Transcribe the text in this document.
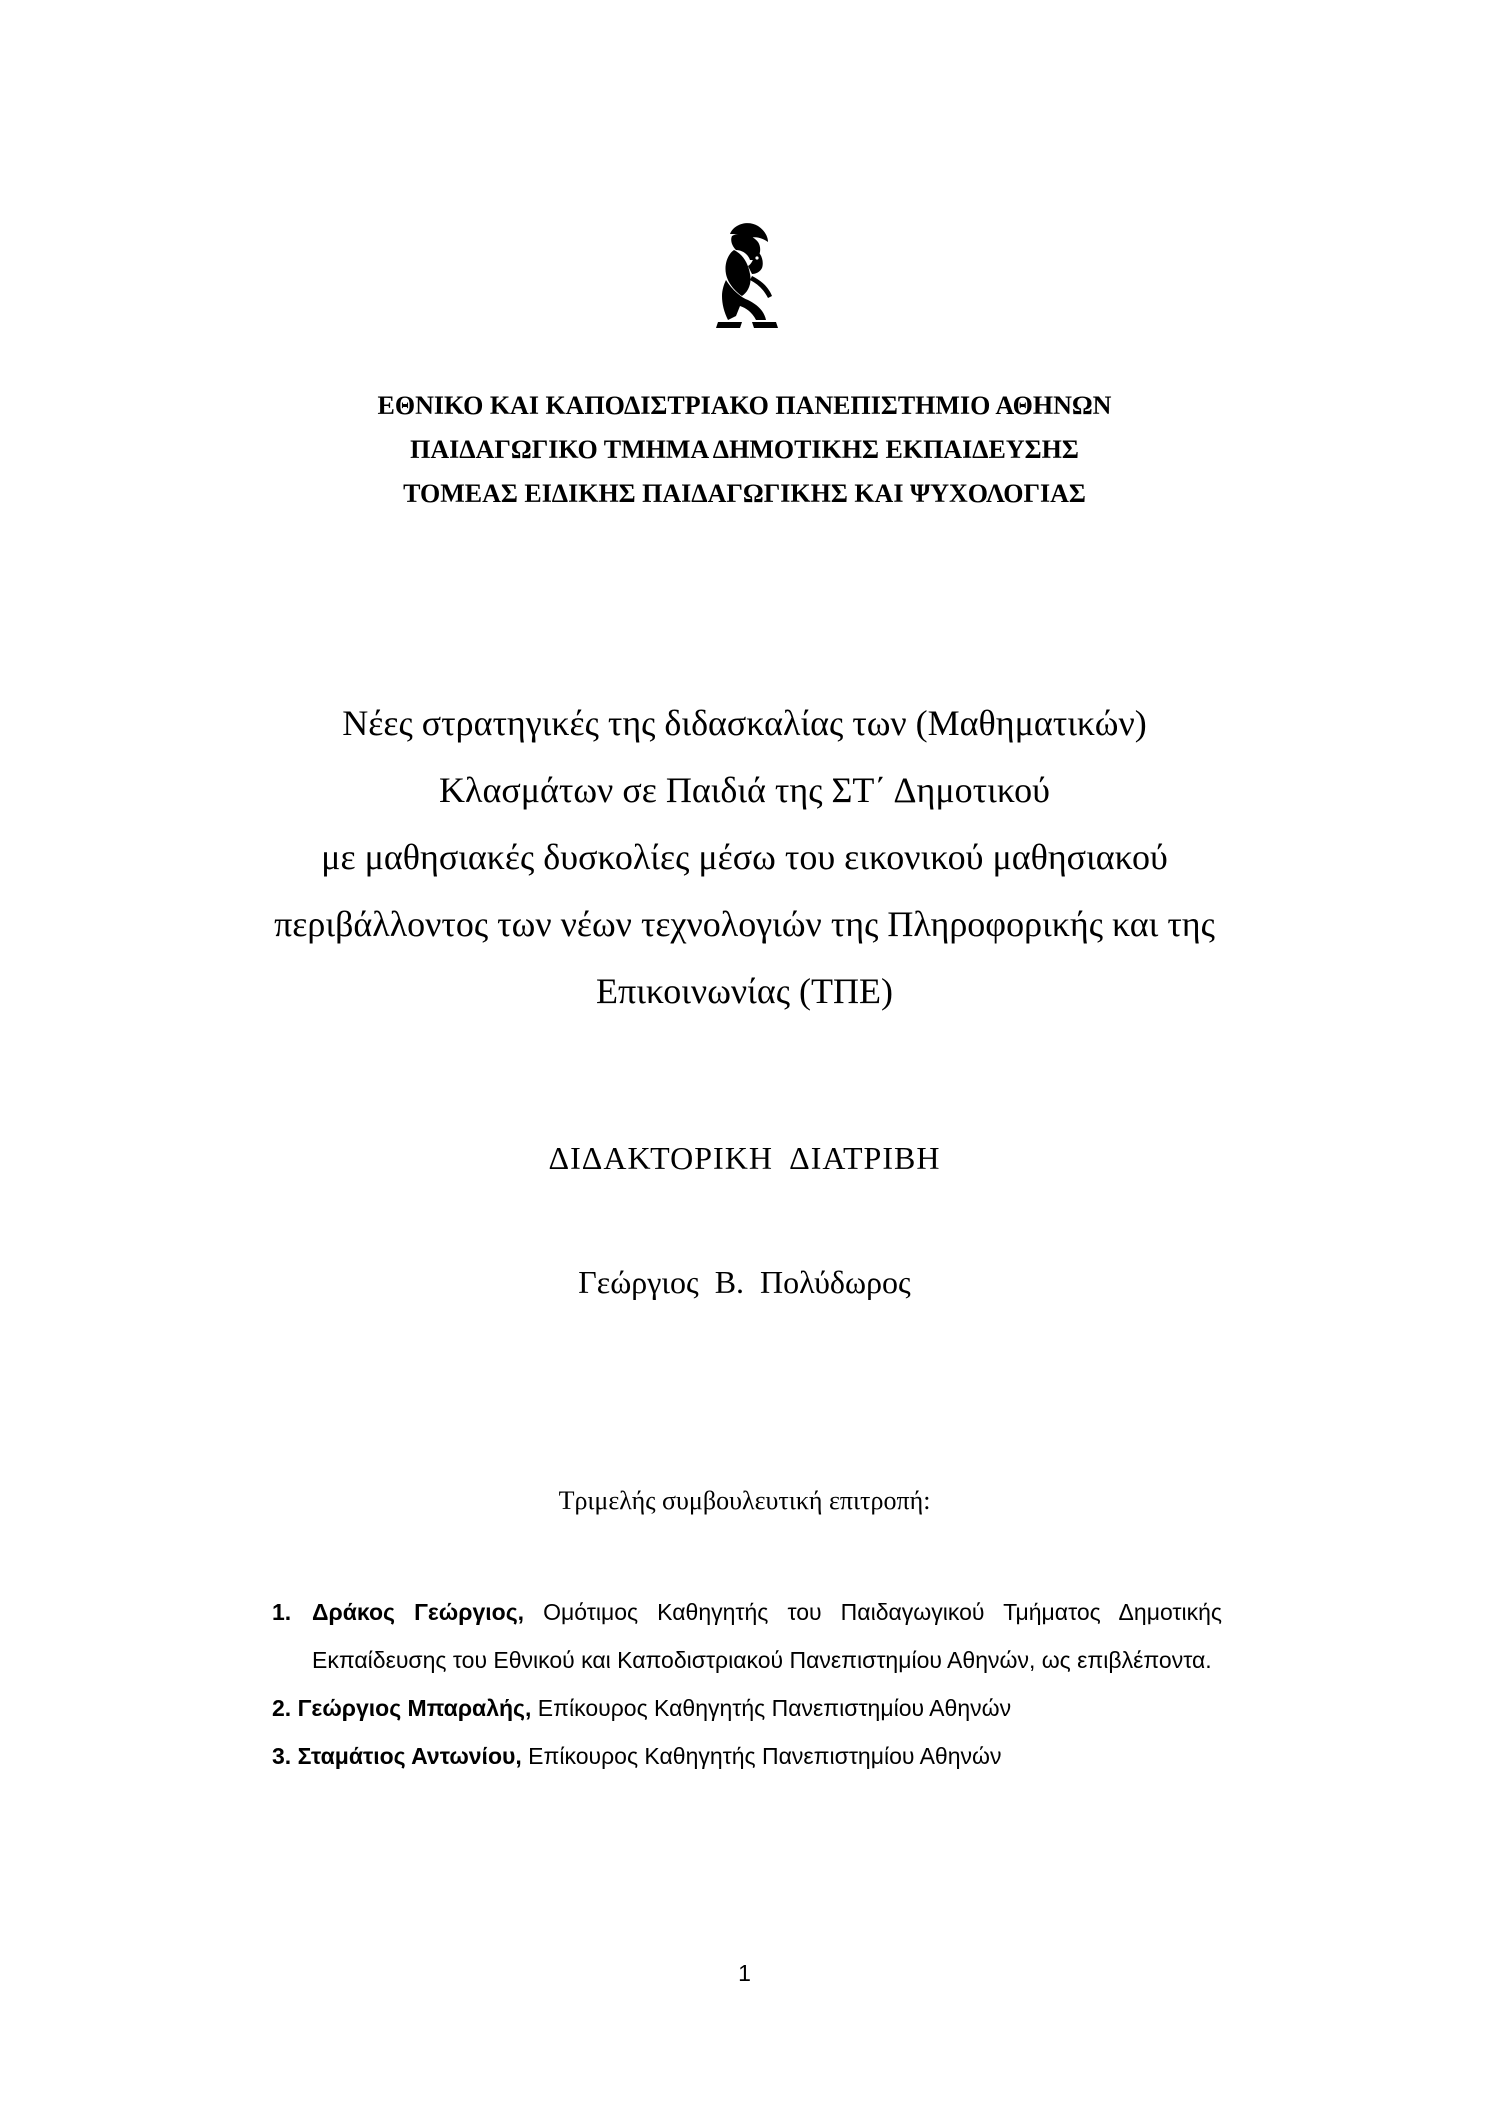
ΕΘΝΙΚΟ ΚΑΙ ΚΑΠΟΔΙΣΤΡΙΑΚΟ ΠΑΝΕΠΙΣΤΗΜΙΟ ΑΘΗΝΩΝ
ΠΑΙΔΑΓΩΓΙΚΟ ΤΜΗΜΑ ΔΗΜΟΤΙΚΗΣ ΕΚΠΑΙΔΕΥΣΗΣ
ΤΟΜΕΑΣ ΕΙΔΙΚΗΣ ΠΑΙΔΑΓΩΓΙΚΗΣ ΚΑΙ ΨΥΧΟΛΟΓΙΑΣ
Νέες στρατηγικές της διδασκαλίας των (Μαθηματικών)
Κλασμάτων σε Παιδιά της ΣΤ΄ Δημοτικού
με μαθησιακές δυσκολίες μέσω του εικονικού μαθησιακού
περιβάλλοντος των νέων τεχνολογιών της Πληροφορικής και της
Επικοινωνίας (ΤΠΕ)
ΔΙΔΑΚΤΟΡΙΚΗ  ΔΙΑΤΡΙΒΗ
Γεώργιος  Β.  Πολύδωρος
Τριμελής συμβουλευτική επιτροπή:
1. Δράκος Γεώργιος, Ομότιμος Καθηγητής του Παιδαγωγικού Τμήματος Δημοτικής Εκπαίδευσης του Εθνικού και Καποδιστριακού Πανεπιστημίου Αθηνών, ως επιβλέποντα.
2. Γεώργιος Μπαραλής, Επίκουρος Καθηγητής Πανεπιστημίου Αθηνών
3. Σταμάτιος Αντωνίου, Επίκουρος Καθηγητής Πανεπιστημίου Αθηνών
1
